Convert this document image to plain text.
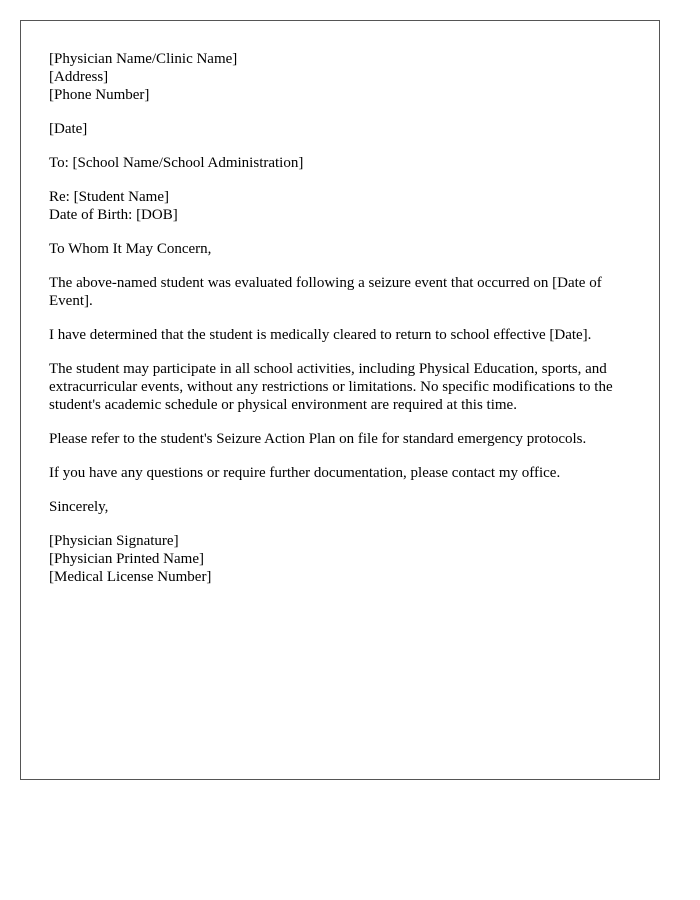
[Physician Name/Clinic Name]
[Address]
[Phone Number]
[Date]
To: [School Name/School Administration]
Re: [Student Name]
Date of Birth: [DOB]
To Whom It May Concern,

The above-named student was evaluated following a seizure event that occurred on [Date of Event].

I have determined that the student is medically cleared to return to school effective [Date].

The student may participate in all school activities, including Physical Education, sports, and extracurricular events, without any restrictions or limitations. No specific modifications to the student's academic schedule or physical environment are required at this time.

Please refer to the student's Seizure Action Plan on file for standard emergency protocols.

If you have any questions or require further documentation, please contact my office.

Sincerely,
[Physician Signature]
[Physician Printed Name]
[Medical License Number]
